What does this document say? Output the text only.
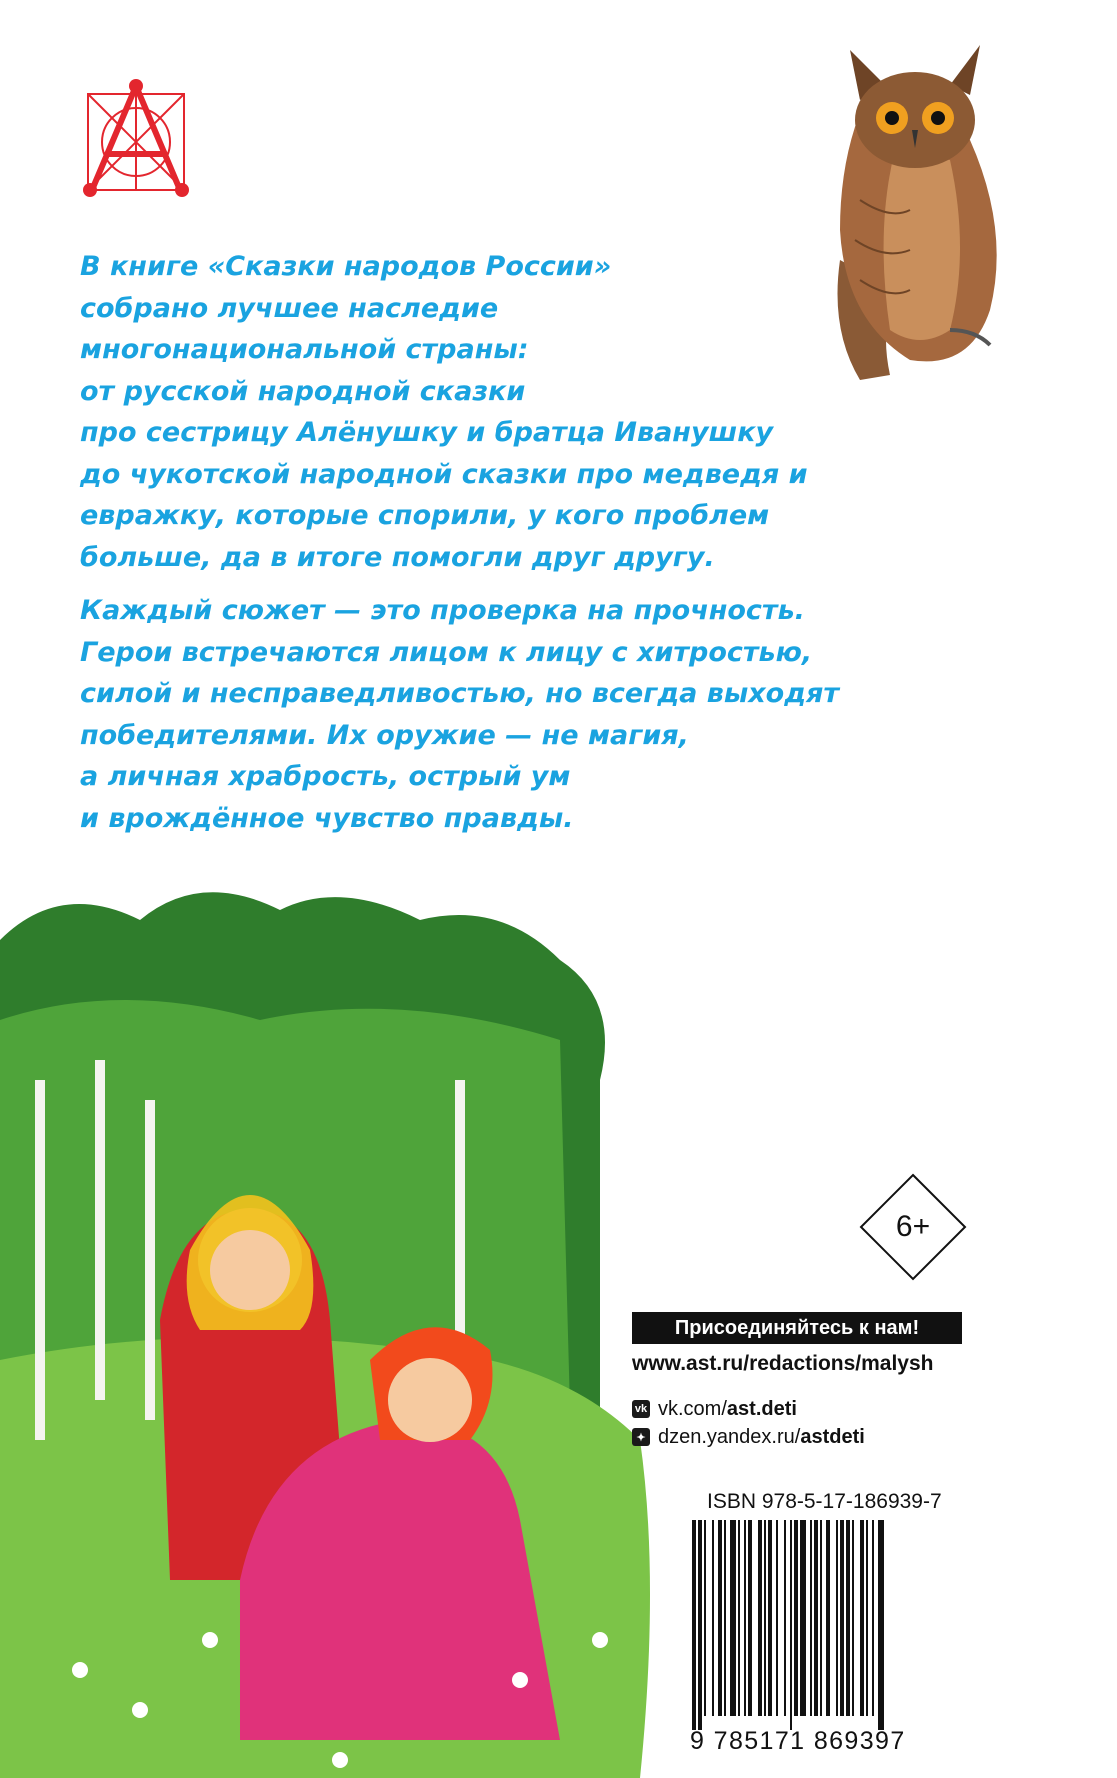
В книге «Сказки народов России»
собрано лучшее наследие
многонациональной страны:
от русской народной сказки
про сестрицу Алёнушку и братца Иванушку
до чукотской народной сказки про медведя и
евражку, которые спорили, у кого проблем
больше, да в итоге помогли друг другу.

Каждый сюжет — это проверка на прочность.
Герои встречаются лицом к лицу с хитростью,
силой и несправедливостью, но всегда выходят
победителями. Их оружие — не магия,
а личная храбрость, острый ум
и врождённое чувство правды.

6+
Присоединяйтесь к нам!
www.ast.ru/redactions/malysh
vk vk.com/ ast.deti
✦ dzen.yandex.ru/ astdeti
ISBN 978-5-17-186939-7
9 785171 869397
